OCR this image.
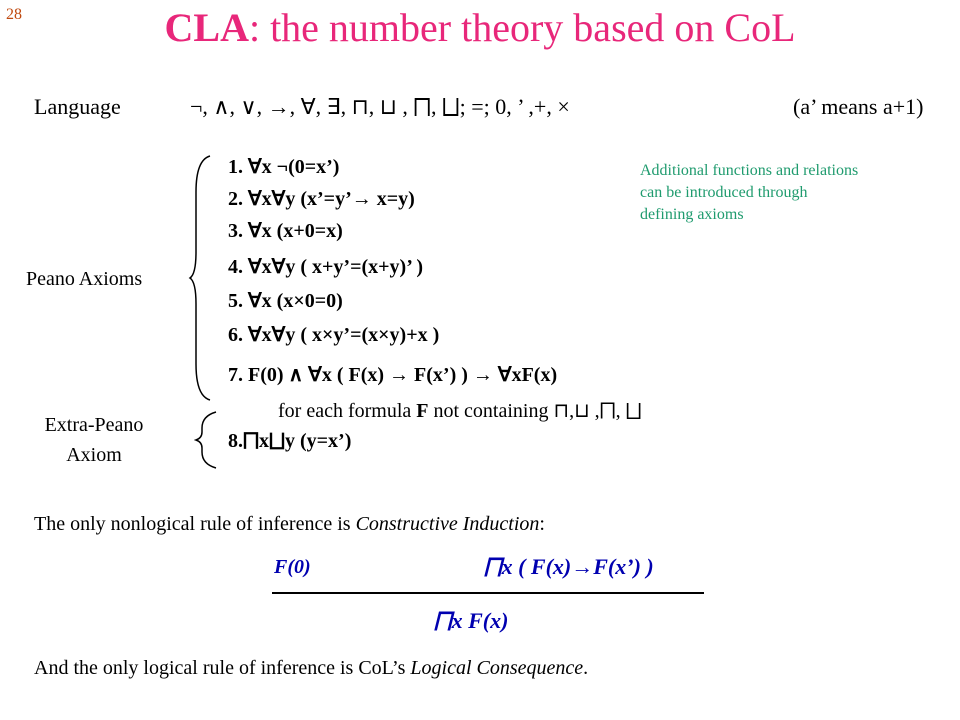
28	CLA: the number theory based on CoL
Language	¬, ∧, ∨, →, ∀, ∃, ⊓, ⊔ , ⨅, ⨆; =; 0, ’ ,+, ×	(a’ means a+1)
Additional functions and relations can be introduced through defining axioms
Peano Axioms
Extra-Peano Axiom
1. ∀x ¬(0=x’)
2. ∀x∀y (x’=y’→ x=y)
3. ∀x (x+0=x)
4. ∀x∀y ( x+y’=(x+y)’ )
5. ∀x (x×0=0)
6. ∀x∀y ( x×y’=(x×y)+x )
7. F(0) ∧ ∀x ( F(x) → F(x’) ) → ∀xF(x)
for each formula F not containing ⊓,⊔ ,⨅, ⨆
8.⨅x⨆y (y=x’)
The only nonlogical rule of inference is Constructive Induction:
F(0)	⨅x ( F(x)→F(x’) )
⨅x F(x)
And the only logical rule of inference is CoL’s Logical Consequence.
